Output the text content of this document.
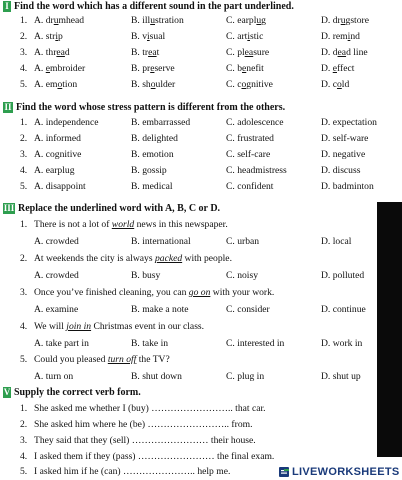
I Find the word which has a different sound in the part underlined.
1. A. drumhead	B. illustration	C. earplug	D. drugstore
2. A. strip	B. visual	C. artistic	D. remind
3. A. thread	B. treat	C. pleasure	D. dead line
4. A. embroider	B. preserve	C. benefit	D. effect
5. A. emotion	B. shoulder	C. cognitive	D. cold
II Find the word whose stress pattern is different from the others.
1. A. independence	B. embarrassed	C. adolescence	D. expectation
2. A. informed	B. delighted	C. frustrated	D. self-ware
3. A. cognitive	B. emotion	C. self-care	D. negative
4. A. earplug	B. gossip	C. headmistress	D. discuss
5. A. disappoint	B. medical	C. confident	D. badminton
III Replace the underlined word with A, B, C or D.
1. There is not a lot of world news in this newspaper.
A. crowded	B. international	C. urban	D. local
2. At weekends the city is always packed with people.
A. crowded	B. busy	C. noisy	D. polluted
3. Once you’ve finished cleaning, you can go on with your work.
A. examine	B. make a note	C. consider	D. continue
4. We will join in Christmas event in our class.
A. take part in	B. take in	C. interested in	D. work in
5. Could you pleased turn off the TV?
A. turn on	B. shut down	C. plug in	D. shut up
V Supply the correct verb form.
1. She asked me whether I (buy) …………………….. that car.
2. She asked him where he (be) …………………….. from.
3. They said that they (sell) …………………… their house.
4. I asked them if they (pass) …………………… the final exam.
5. I asked him if he (can) ………………….. help me.	LIVEWORKSHEETS
